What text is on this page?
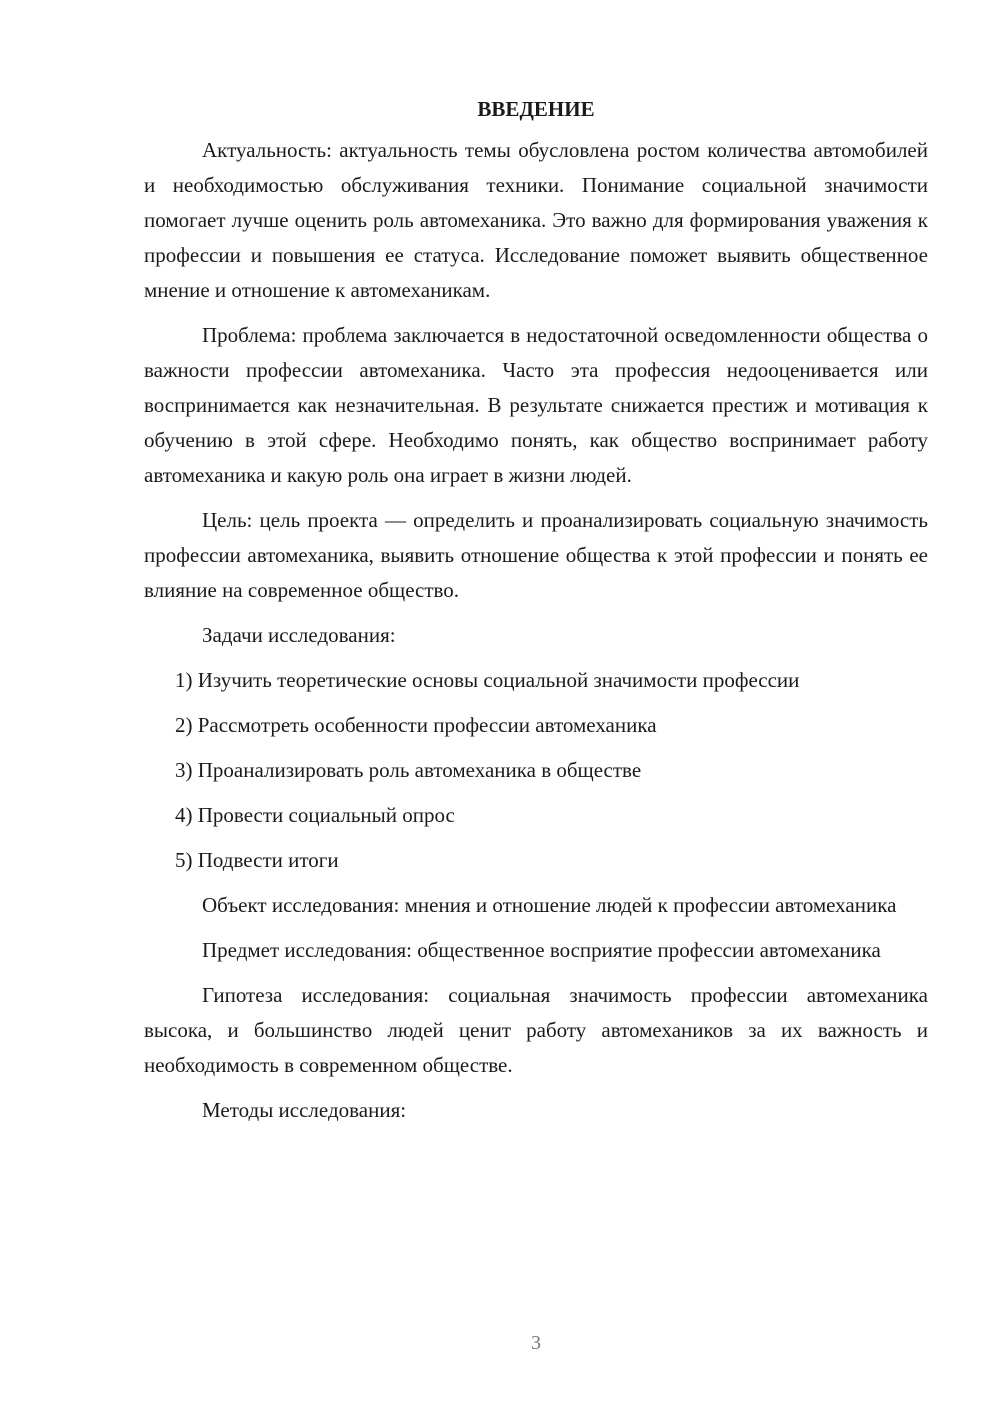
ВВЕДЕНИЕ

Актуальность: актуальность темы обусловлена ростом количества автомобилей и необходимостью обслуживания техники. Понимание социальной значимости помогает лучше оценить роль автомеханика. Это важно для формирования уважения к профессии и повышения ее статуса. Исследование поможет выявить общественное мнение и отношение к автомеханикам.

Проблема: проблема заключается в недостаточной осведомленности общества о важности профессии автомеханика. Часто эта профессия недооценивается или воспринимается как незначительная. В результате снижается престиж и мотивация к обучению в этой сфере. Необходимо понять, как общество воспринимает работу автомеханика и какую роль она играет в жизни людей.

Цель: цель проекта — определить и проанализировать социальную значимость профессии автомеханика, выявить отношение общества к этой профессии и понять ее влияние на современное общество.

Задачи исследования:

1) Изучить теоретические основы социальной значимости профессии
2) Рассмотреть особенности профессии автомеханика
3) Проанализировать роль автомеханика в обществе
4) Провести социальный опрос
5) Подвести итоги

Объект исследования: мнения и отношение людей к профессии автомеханика

Предмет исследования: общественное восприятие профессии автомеханика

Гипотеза исследования: социальная значимость профессии автомеханика высока, и большинство людей ценит работу автомехаников за их важность и необходимость в современном обществе.

Методы исследования:

3
